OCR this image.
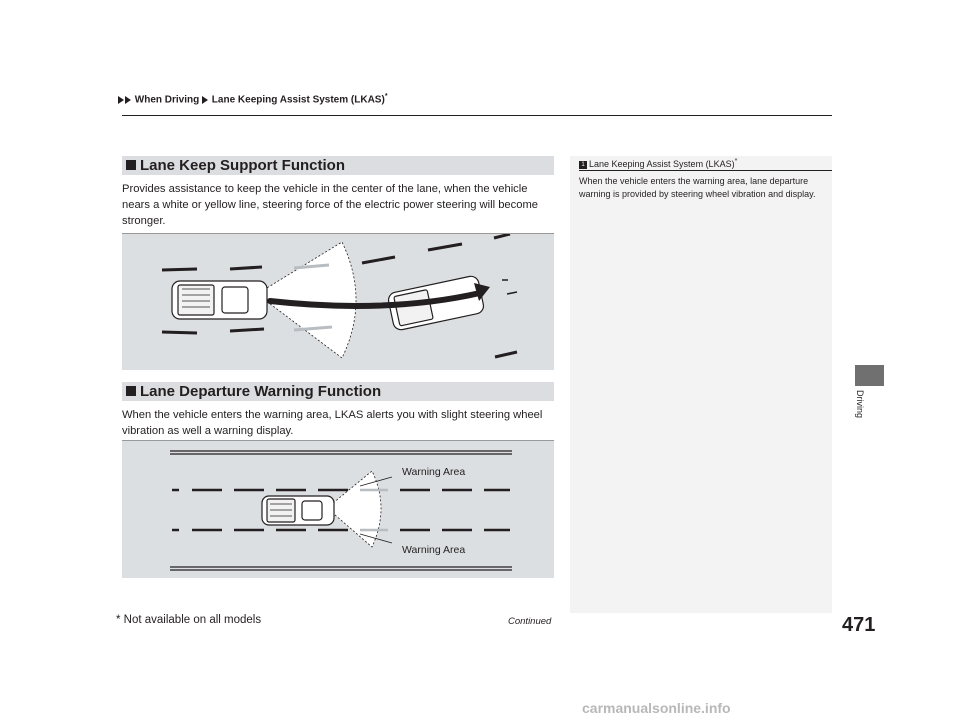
When Driving Lane Keeping Assist System (LKAS)*
1 Lane Keeping Assist System (LKAS)*
When the vehicle enters the warning area, lane departure warning is provided by steering wheel vibration and display.
Lane Keep Support Function
Provides assistance to keep the vehicle in the center of the lane, when the vehicle nears a white or yellow line, steering force of the electric power steering will become stronger.
Lane Departure Warning Function
When the vehicle enters the warning area, LKAS alerts you with slight steering wheel vibration as well a warning display.
Warning Area
Warning Area
Driving
* Not available on all models	Continued	471
carmanualsonline.info
